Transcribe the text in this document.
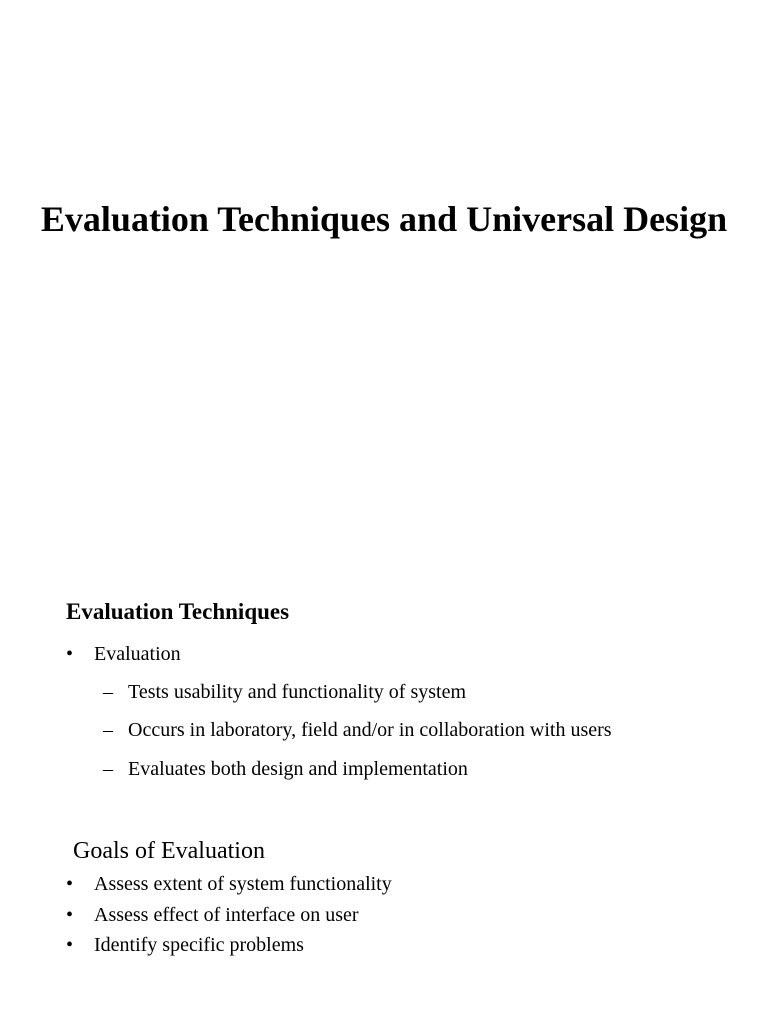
Evaluation Techniques and Universal Design
Evaluation Techniques
• Evaluation
– Tests usability and functionality of system
– Occurs in laboratory, field and/or in collaboration with users
– Evaluates both design and implementation
Goals of Evaluation
• Assess extent of system functionality
• Assess effect of interface on user
• Identify specific problems
